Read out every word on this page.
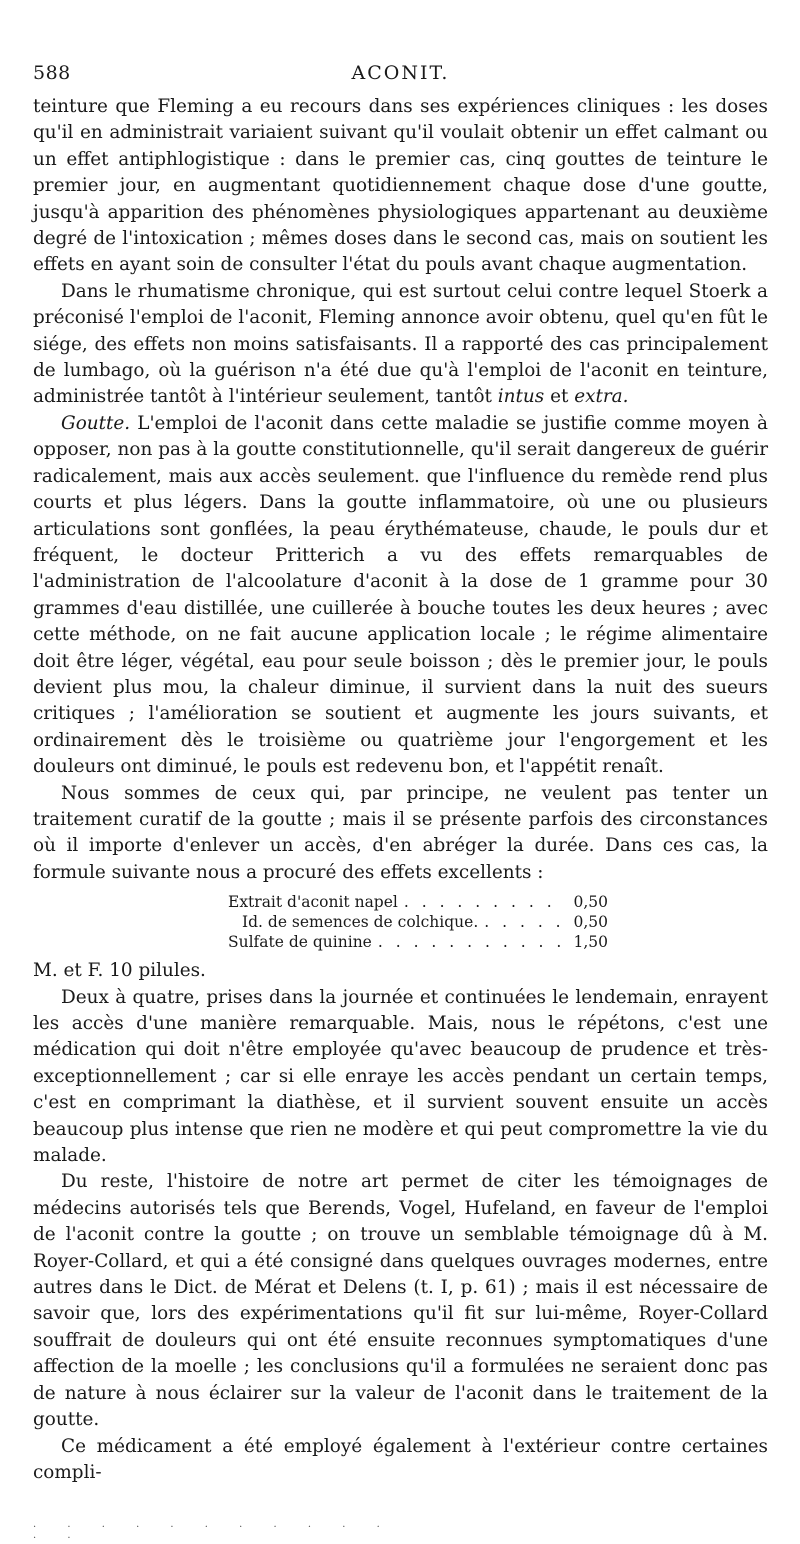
588	ACONIT.

teinture que Fleming a eu recours dans ses expériences cliniques : les doses qu'il en administrait variaient suivant qu'il voulait obtenir un effet calmant ou un effet antiphlogistique : dans le premier cas, cinq gouttes de teinture le premier jour, en augmentant quotidiennement chaque dose d'une goutte, jusqu'à apparition des phénomènes physiologiques appartenant au deuxième degré de l'intoxication ; mêmes doses dans le second cas, mais on soutient les effets en ayant soin de consulter l'état du pouls avant chaque augmentation.

Dans le rhumatisme chronique, qui est surtout celui contre lequel Stoerk a préconisé l'emploi de l'aconit, Fleming annonce avoir obtenu, quel qu'en fût le siége, des effets non moins satisfaisants. Il a rapporté des cas principalement de lumbago, où la guérison n'a été due qu'à l'emploi de l'aconit en teinture, administrée tantôt à l'intérieur seulement, tantôt intus et extra.

Goutte. L'emploi de l'aconit dans cette maladie se justifie comme moyen à opposer, non pas à la goutte constitutionnelle, qu'il serait dangereux de guérir radicalement, mais aux accès seulement. que l'influence du remède rend plus courts et plus légers. Dans la goutte inflammatoire, où une ou plusieurs articulations sont gonflées, la peau érythémateuse, chaude, le pouls dur et fréquent, le docteur Pritterich a vu des effets remarquables de l'administration de l'alcoolature d'aconit à la dose de 1 gramme pour 30 grammes d'eau distillée, une cuillerée à bouche toutes les deux heures ; avec cette méthode, on ne fait aucune application locale ; le régime alimentaire doit être léger, végétal, eau pour seule boisson ; dès le premier jour, le pouls devient plus mou, la chaleur diminue, il survient dans la nuit des sueurs critiques ; l'amélioration se soutient et augmente les jours suivants, et ordinairement dès le troisième ou quatrième jour l'engorgement et les douleurs ont diminué, le pouls est redevenu bon, et l'appétit renaît.

Nous sommes de ceux qui, par principe, ne veulent pas tenter un traitement curatif de la goutte ; mais il se présente parfois des circonstances où il importe d'enlever un accès, d'en abréger la durée. Dans ces cas, la formule suivante nous a procuré des effets excellents :

Extrait d'aconit napel . . .	0,50
Id. de semences de colchique. . . .	0,50
Sulfate de quinine . . .	1,50

M. et F. 10 pilules.

Deux à quatre, prises dans la journée et continuées le lendemain, enrayent les accès d'une manière remarquable. Mais, nous le répétons, c'est une médication qui doit n'être employée qu'avec beaucoup de prudence et très-exceptionnellement ; car si elle enraye les accès pendant un certain temps, c'est en comprimant la diathèse, et il survient souvent ensuite un accès beaucoup plus intense que rien ne modère et qui peut compromettre la vie du malade.

Du reste, l'histoire de notre art permet de citer les témoignages de médecins autorisés tels que Berends, Vogel, Hufeland, en faveur de l'emploi de l'aconit contre la goutte ; on trouve un semblable témoignage dû à M. Royer-Collard, et qui a été consigné dans quelques ouvrages modernes, entre autres dans le Dict. de Mérat et Delens (t. I, p. 61) ; mais il est nécessaire de savoir que, lors des expérimentations qu'il fit sur lui-même, Royer-Collard souffrait de douleurs qui ont été ensuite reconnues symptomatiques d'une affection de la moelle ; les conclusions qu'il a formulées ne seraient donc pas de nature à nous éclairer sur la valeur de l'aconit dans le traitement de la goutte.

Ce médicament a été employé également à l'extérieur contre certaines compli-

· · · · · · · · · · · · ·
